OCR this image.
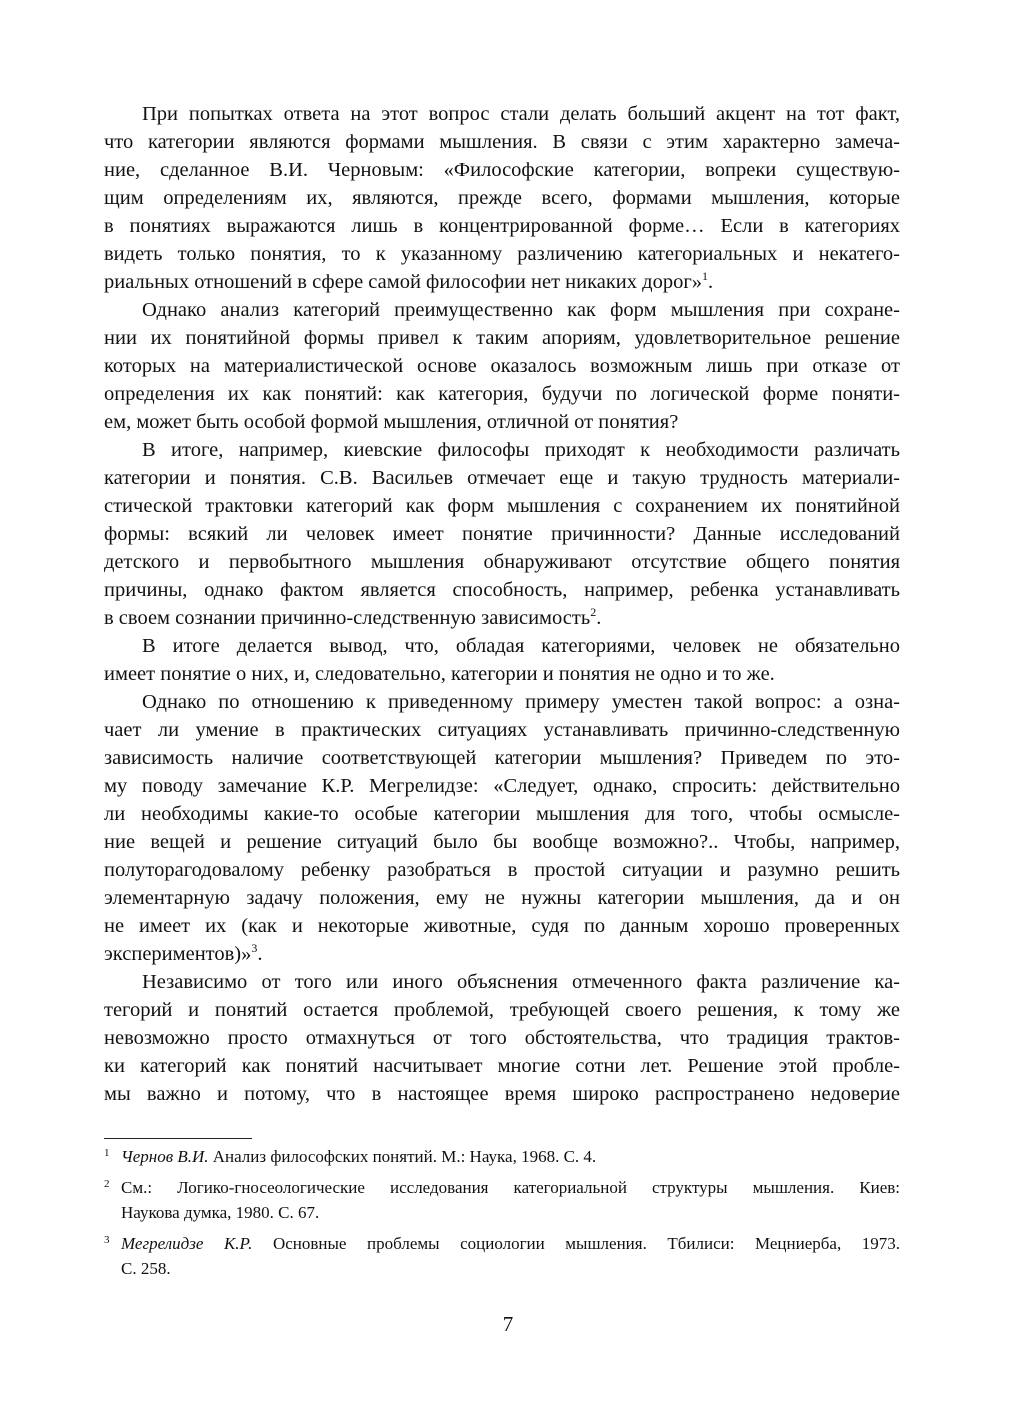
При попытках ответа на этот вопрос стали делать больший акцент на тот факт,
что категории являются формами мышления. В связи с этим характерно замеча-
ние, сделанное В.И. Черновым: «Философские категории, вопреки существую-
щим определениям их, являются, прежде всего, формами мышления, которые
в понятиях выражаются лишь в концентрированной форме… Если в категориях
видеть только понятия, то к указанному различению категориальных и некатего-
риальных отношений в сфере самой философии нет никаких дорог»$^1$.

Однако анализ категорий преимущественно как форм мышления при сохране-
нии их понятийной формы привел к таким апориям, удовлетворительное решение
которых на материалистической основе оказалось возможным лишь при отказе от
определения их как понятий: как категория, будучи по логической форме поняти-
ем, может быть особой формой мышления, отличной от понятия?

В итоге, например, киевские философы приходят к необходимости различать
категории и понятия. С.В. Васильев отмечает еще и такую трудность материали-
стической трактовки категорий как форм мышления с сохранением их понятийной
формы: всякий ли человек имеет понятие причинности? Данные исследований
детского и первобытного мышления обнаруживают отсутствие общего понятия
причины, однако фактом является способность, например, ребенка устанавливать
в своем сознании причинно-следственную зависимость$^2$.

В итоге делается вывод, что, обладая категориями, человек не обязательно
имеет понятие о них, и, следовательно, категории и понятия не одно и то же.

Однако по отношению к приведенному примеру уместен такой вопрос: а озна-
чает ли умение в практических ситуациях устанавливать причинно-следственную
зависимость наличие соответствующей категории мышления? Приведем по это-
му поводу замечание К.Р. Мегрелидзе: «Следует, однако, спросить: действительно
ли необходимы какие-то особые категории мышления для того, чтобы осмысле-
ние вещей и решение ситуаций было бы вообще возможно?.. Чтобы, например,
полуторагодовалому ребенку разобраться в простой ситуации и разумно решить
элементарную задачу положения, ему не нужны категории мышления, да и он
не имеет их (как и некоторые животные, судя по данным хорошо проверенных
экспериментов)»$^3$.

Независимо от того или иного объяснения отмеченного факта различение ка-
тегорий и понятий остается проблемой, требующей своего решения, к тому же
невозможно просто отмахнуться от того обстоятельства, что традиция трактов-
ки категорий как понятий насчитывает многие сотни лет. Решение этой пробле-
мы важно и потому, что в настоящее время широко распространено недоверие

1 Чернов В.И. Анализ философских понятий. М.: Наука, 1968. С. 4.
2 См.: Логико-гносеологические исследования категориальной структуры мышления. Киев:
Наукова думка, 1980. С. 67.
3 Мегрелидзе К.Р. Основные проблемы социологии мышления. Тбилиси: Мецниерба, 1973.
С. 258.
7
